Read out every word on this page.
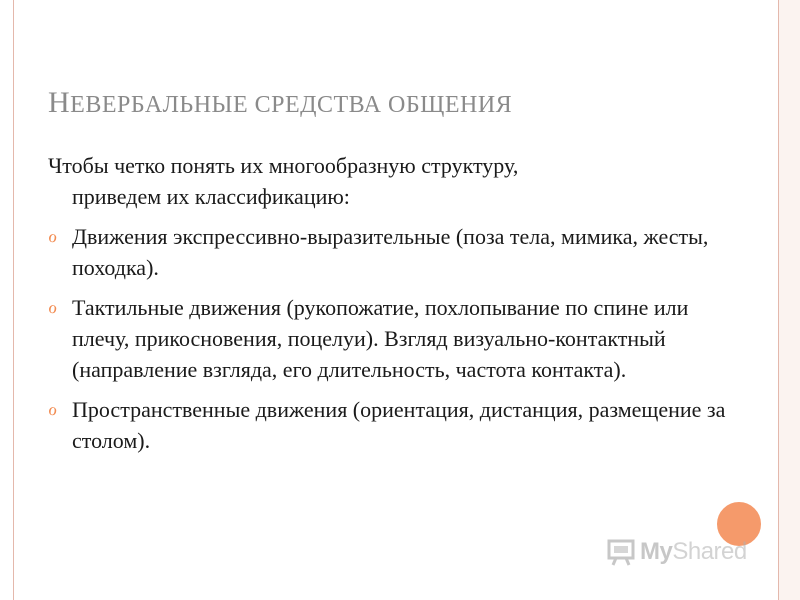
НЕВЕРБАЛЬНЫЕ СРЕДСТВА ОБЩЕНИЯ

Чтобы четко понять их многообразную структуру,
приведем их классификацию:

ℴ Движения экспрессивно-выразительные (поза тела, мимика, жесты, походка).
ℴ Тактильные движения (рукопожатие, похлопывание по спине или плечу, прикосновения, поцелуи). Взгляд визуально-контактный (направление взгляда, его длительность, частота контакта).
ℴ Пространственные движения (ориентация, дистанция, размещение за столом).
MyShared
